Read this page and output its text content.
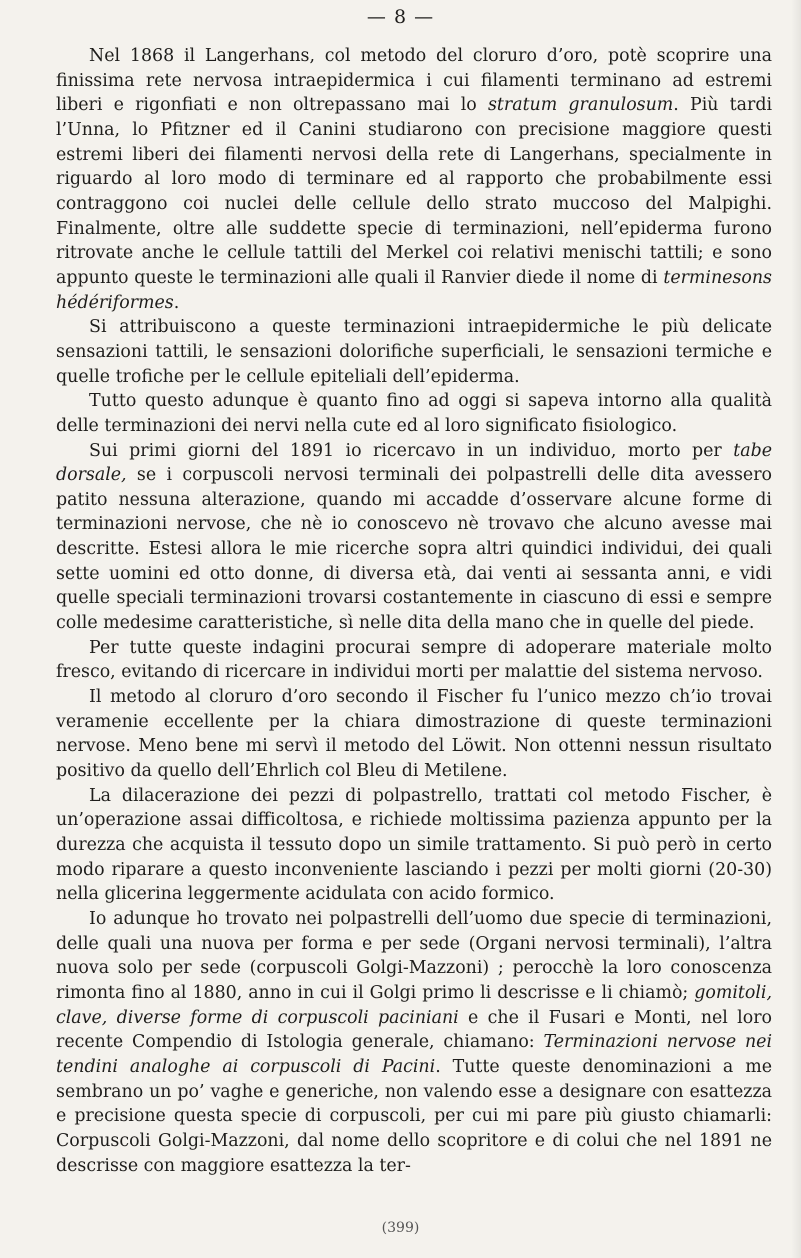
— 8 —

Nel 1868 il Langerhans, col metodo del cloruro d’oro, potè scoprire una finissima rete nervosa intraepidermica i cui filamenti terminano ad estremi liberi e rigonfiati e non oltrepassano mai lo stratum granulosum. Più tardi l’Unna, lo Pfitzner ed il Canini studiarono con precisione maggiore questi estremi liberi dei filamenti nervosi della rete di Langerhans, specialmente in riguardo al loro modo di terminare ed al rapporto che probabilmente essi contraggono coi nuclei delle cellule dello strato muccoso del Malpighi. Finalmente, oltre alle suddette specie di terminazioni, nell’epiderma furono ritrovate anche le cellule tattili del Merkel coi relativi menischi tattili; e sono appunto queste le terminazioni alle quali il Ranvier diede il nome di terminesons hédériformes.

Si attribuiscono a queste terminazioni intraepidermiche le più delicate sensazioni tattili, le sensazioni dolorifiche superficiali, le sensazioni termiche e quelle trofiche per le cellule epiteliali dell’epiderma.

Tutto questo adunque è quanto fino ad oggi si sapeva intorno alla qualità delle terminazioni dei nervi nella cute ed al loro significato fisiologico.

Sui primi giorni del 1891 io ricercavo in un individuo, morto per tabe dorsale, se i corpuscoli nervosi terminali dei polpastrelli delle dita avessero patito nessuna alterazione, quando mi accadde d’osservare alcune forme di terminazioni nervose, che nè io conoscevo nè trovavo che alcuno avesse mai descritte. Estesi allora le mie ricerche sopra altri quindici individui, dei quali sette uomini ed otto donne, di diversa età, dai venti ai sessanta anni, e vidi quelle speciali terminazioni trovarsi costantemente in ciascuno di essi e sempre colle medesime caratteristiche, sì nelle dita della mano che in quelle del piede.

Per tutte queste indagini procurai sempre di adoperare materiale molto fresco, evitando di ricercare in individui morti per malattie del sistema nervoso.

Il metodo al cloruro d’oro secondo il Fischer fu l’unico mezzo ch’io trovai veramenie eccellente per la chiara dimostrazione di queste terminazioni nervose. Meno bene mi servì il metodo del Löwit. Non ottenni nessun risultato positivo da quello dell’Ehrlich col Bleu di Metilene.

La dilacerazione dei pezzi di polpastrello, trattati col metodo Fischer, è un’operazione assai difficoltosa, e richiede moltissima pazienza appunto per la durezza che acquista il tessuto dopo un simile trattamento. Si può però in certo modo riparare a questo inconveniente lasciando i pezzi per molti giorni (20-30) nella glicerina leggermente acidulata con acido formico.

Io adunque ho trovato nei polpastrelli dell’uomo due specie di terminazioni, delle quali una nuova per forma e per sede (Organi nervosi terminali), l’altra nuova solo per sede (corpuscoli Golgi-Mazzoni) ; perocchè la loro conoscenza rimonta fino al 1880, anno in cui il Golgi primo li descrisse e li chiamò; gomitoli, clave, diverse forme di corpuscoli paciniani e che il Fusari e Monti, nel loro recente Compendio di Istologia generale, chiamano: Terminazioni nervose nei tendini analoghe ai corpuscoli di Pacini. Tutte queste denominazioni a me sembrano un po’ vaghe e generiche, non valendo esse a designare con esattezza e precisione questa specie di corpuscoli, per cui mi pare più giusto chiamarli: Corpuscoli Golgi-Mazzoni, dal nome dello scopritore e di colui che nel 1891 ne descrisse con maggiore esattezza la ter-

(399)
